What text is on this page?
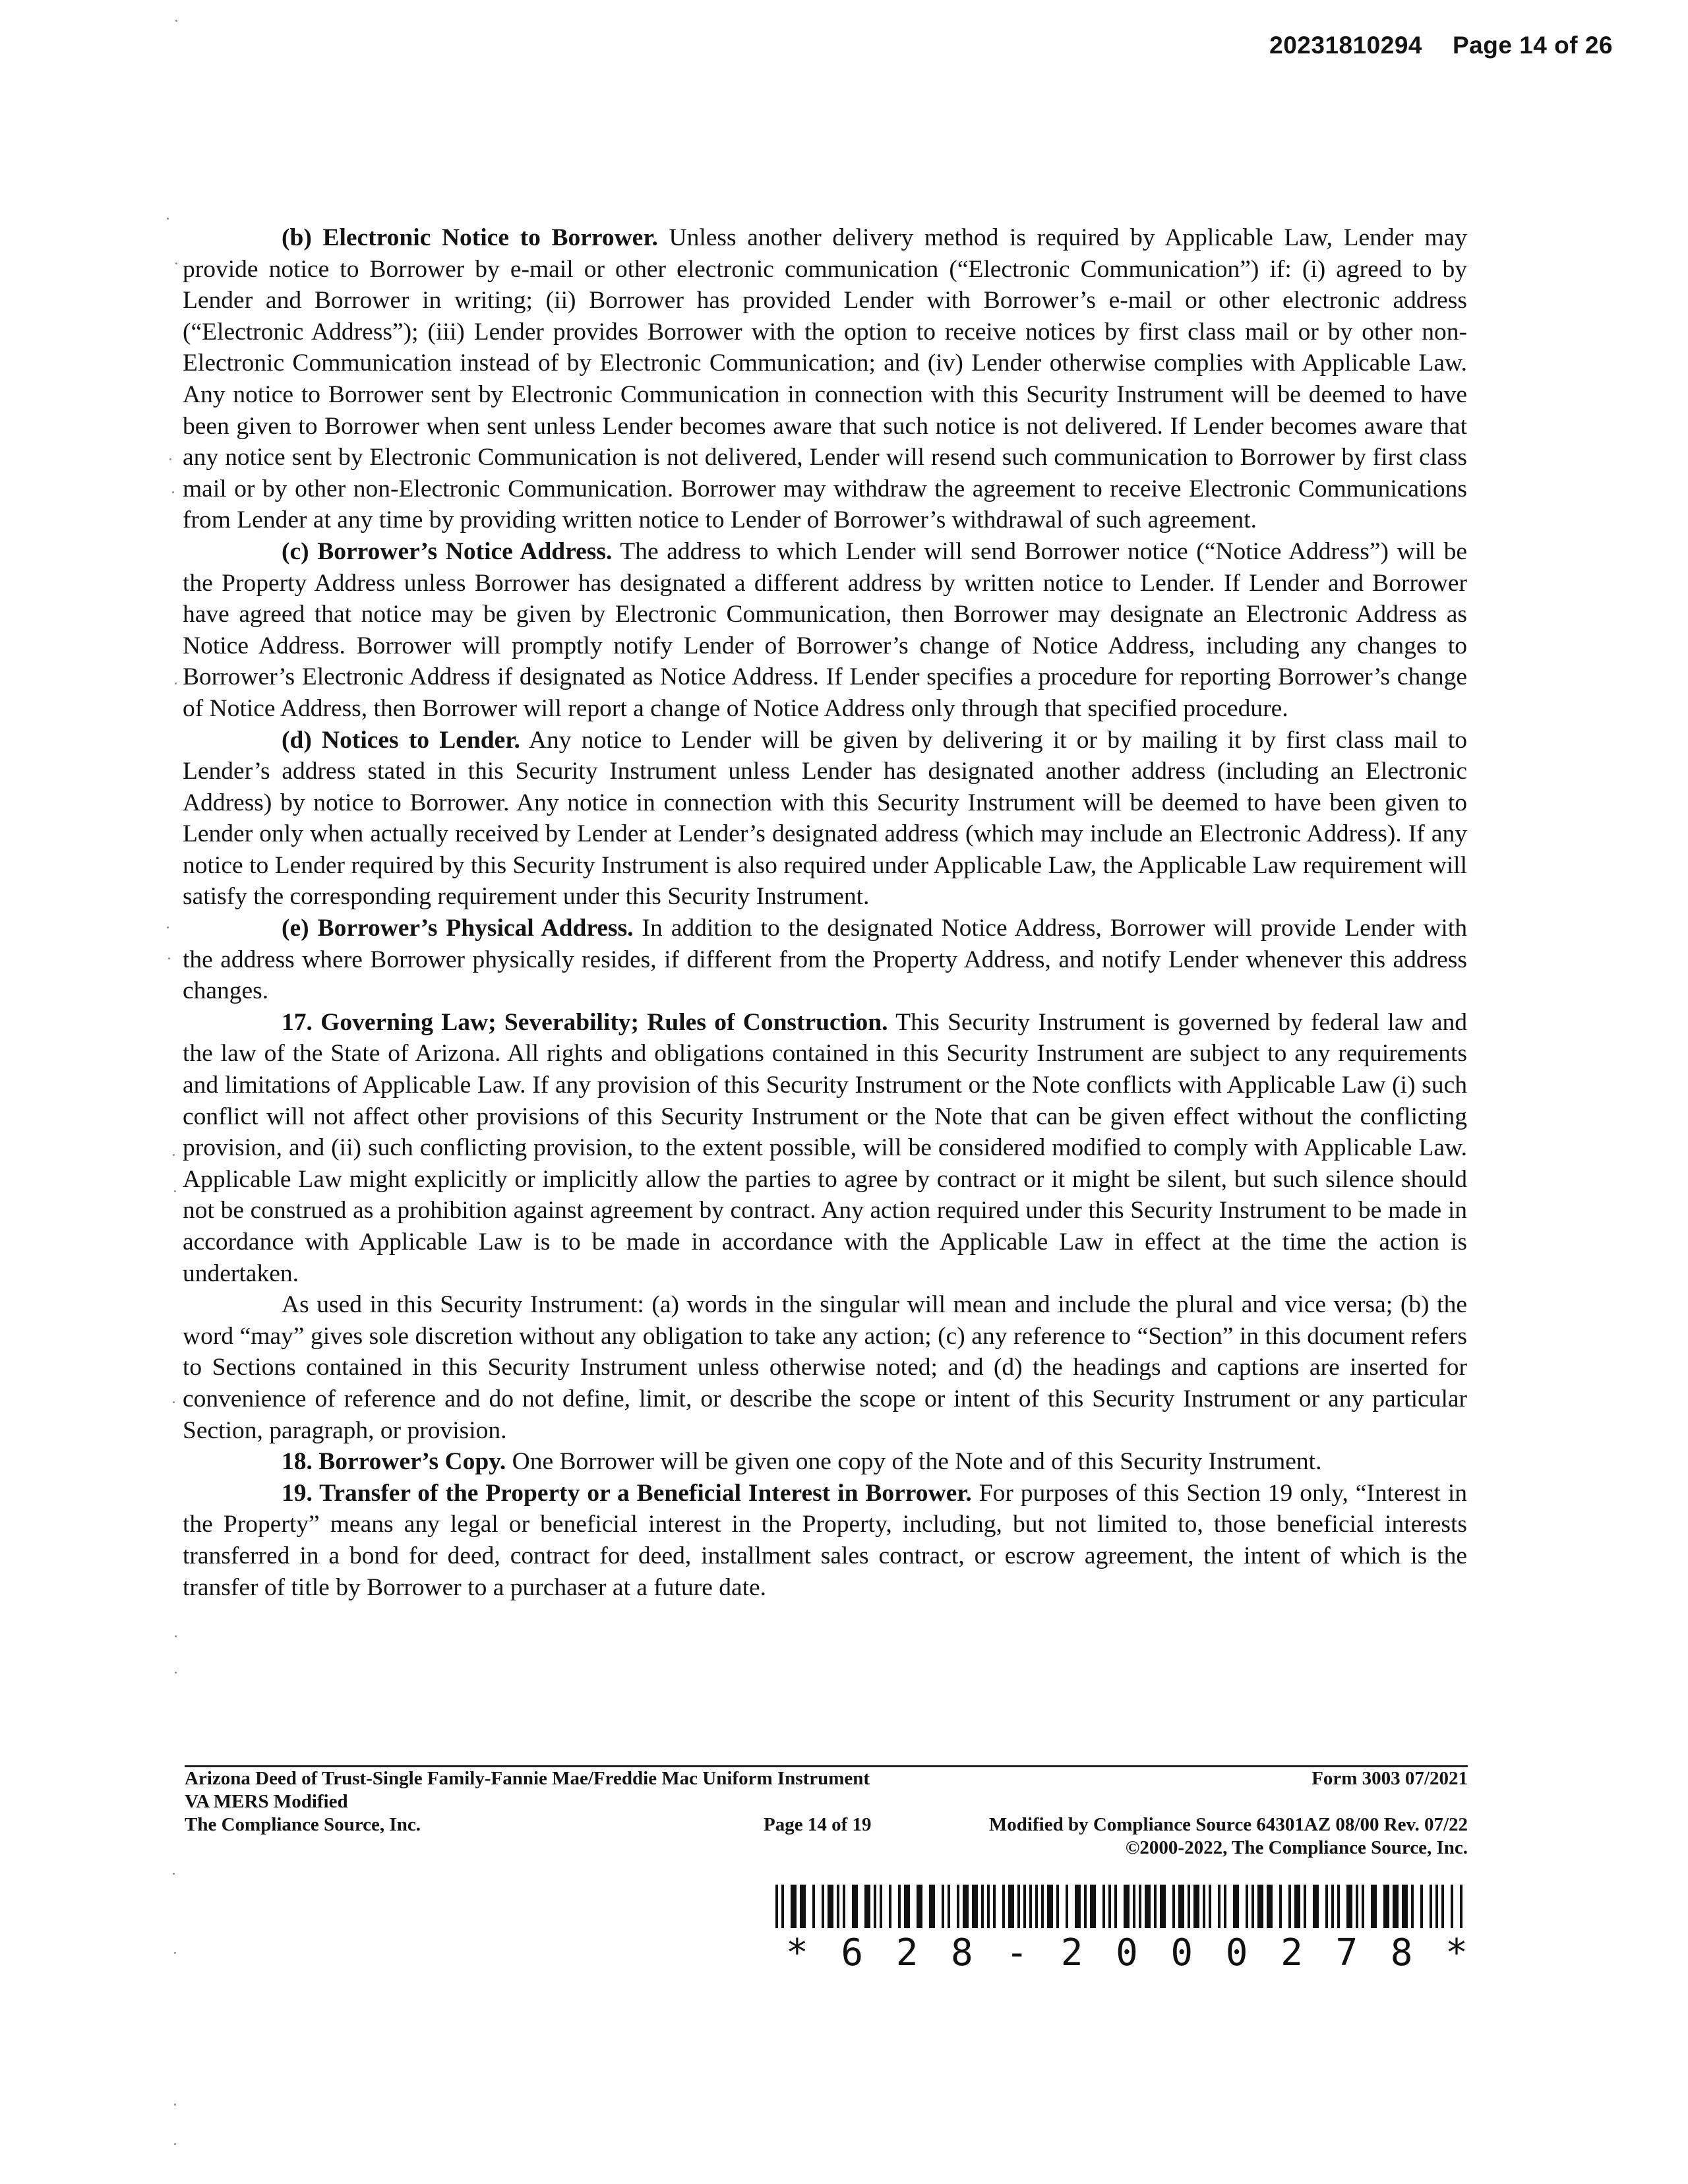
20231810294 Page 14 of 26

(b) Electronic Notice to Borrower. Unless another delivery method is required by Applicable Law, Lender may provide notice to Borrower by e-mail or other electronic communication (“Electronic Communication”) if: (i) agreed to by Lender and Borrower in writing; (ii) Borrower has provided Lender with Borrower’s e-mail or other electronic address (“Electronic Address”); (iii) Lender provides Borrower with the option to receive notices by first class mail or by other non-Electronic Communication instead of by Electronic Communication; and (iv) Lender otherwise complies with Applicable Law. Any notice to Borrower sent by Electronic Communication in connection with this Security Instrument will be deemed to have been given to Borrower when sent unless Lender becomes aware that such notice is not delivered. If Lender becomes aware that any notice sent by Electronic Communication is not delivered, Lender will resend such communication to Borrower by first class mail or by other non-Electronic Communication. Borrower may withdraw the agreement to receive Electronic Communications from Lender at any time by providing written notice to Lender of Borrower’s withdrawal of such agreement.

(c) Borrower’s Notice Address. The address to which Lender will send Borrower notice (“Notice Address”) will be the Property Address unless Borrower has designated a different address by written notice to Lender. If Lender and Borrower have agreed that notice may be given by Electronic Communication, then Borrower may designate an Electronic Address as Notice Address. Borrower will promptly notify Lender of Borrower’s change of Notice Address, including any changes to Borrower’s Electronic Address if designated as Notice Address. If Lender specifies a procedure for reporting Borrower’s change of Notice Address, then Borrower will report a change of Notice Address only through that specified procedure.

(d) Notices to Lender. Any notice to Lender will be given by delivering it or by mailing it by first class mail to Lender’s address stated in this Security Instrument unless Lender has designated another address (including an Electronic Address) by notice to Borrower. Any notice in connection with this Security Instrument will be deemed to have been given to Lender only when actually received by Lender at Lender’s designated address (which may include an Electronic Address). If any notice to Lender required by this Security Instrument is also required under Applicable Law, the Applicable Law requirement will satisfy the corresponding requirement under this Security Instrument.

(e) Borrower’s Physical Address. In addition to the designated Notice Address, Borrower will provide Lender with the address where Borrower physically resides, if different from the Property Address, and notify Lender whenever this address changes.

17. Governing Law; Severability; Rules of Construction. This Security Instrument is governed by federal law and the law of the State of Arizona. All rights and obligations contained in this Security Instrument are subject to any requirements and limitations of Applicable Law. If any provision of this Security Instrument or the Note conflicts with Applicable Law (i) such conflict will not affect other provisions of this Security Instrument or the Note that can be given effect without the conflicting provision, and (ii) such conflicting provision, to the extent possible, will be considered modified to comply with Applicable Law. Applicable Law might explicitly or implicitly allow the parties to agree by contract or it might be silent, but such silence should not be construed as a prohibition against agreement by contract. Any action required under this Security Instrument to be made in accordance with Applicable Law is to be made in accordance with the Applicable Law in effect at the time the action is undertaken.

As used in this Security Instrument: (a) words in the singular will mean and include the plural and vice versa; (b) the word “may” gives sole discretion without any obligation to take any action; (c) any reference to “Section” in this document refers to Sections contained in this Security Instrument unless otherwise noted; and (d) the headings and captions are inserted for convenience of reference and do not define, limit, or describe the scope or intent of this Security Instrument or any particular Section, paragraph, or provision.

18. Borrower’s Copy. One Borrower will be given one copy of the Note and of this Security Instrument.

19. Transfer of the Property or a Beneficial Interest in Borrower. For purposes of this Section 19 only, “Interest in the Property” means any legal or beneficial interest in the Property, including, but not limited to, those beneficial interests transferred in a bond for deed, contract for deed, installment sales contract, or escrow agreement, the intent of which is the transfer of title by Borrower to a purchaser at a future date.

Arizona Deed of Trust-Single Family-Fannie Mae/Freddie Mac Uniform Instrument	Form 3003 07/2021
VA MERS Modified
The Compliance Source, Inc.	Page 14 of 19	Modified by Compliance Source 64301AZ 08/00 Rev. 07/22
©2000-2022, The Compliance Source, Inc.
* 6 2 8 - 2 0 0 0 2 7 8 *
